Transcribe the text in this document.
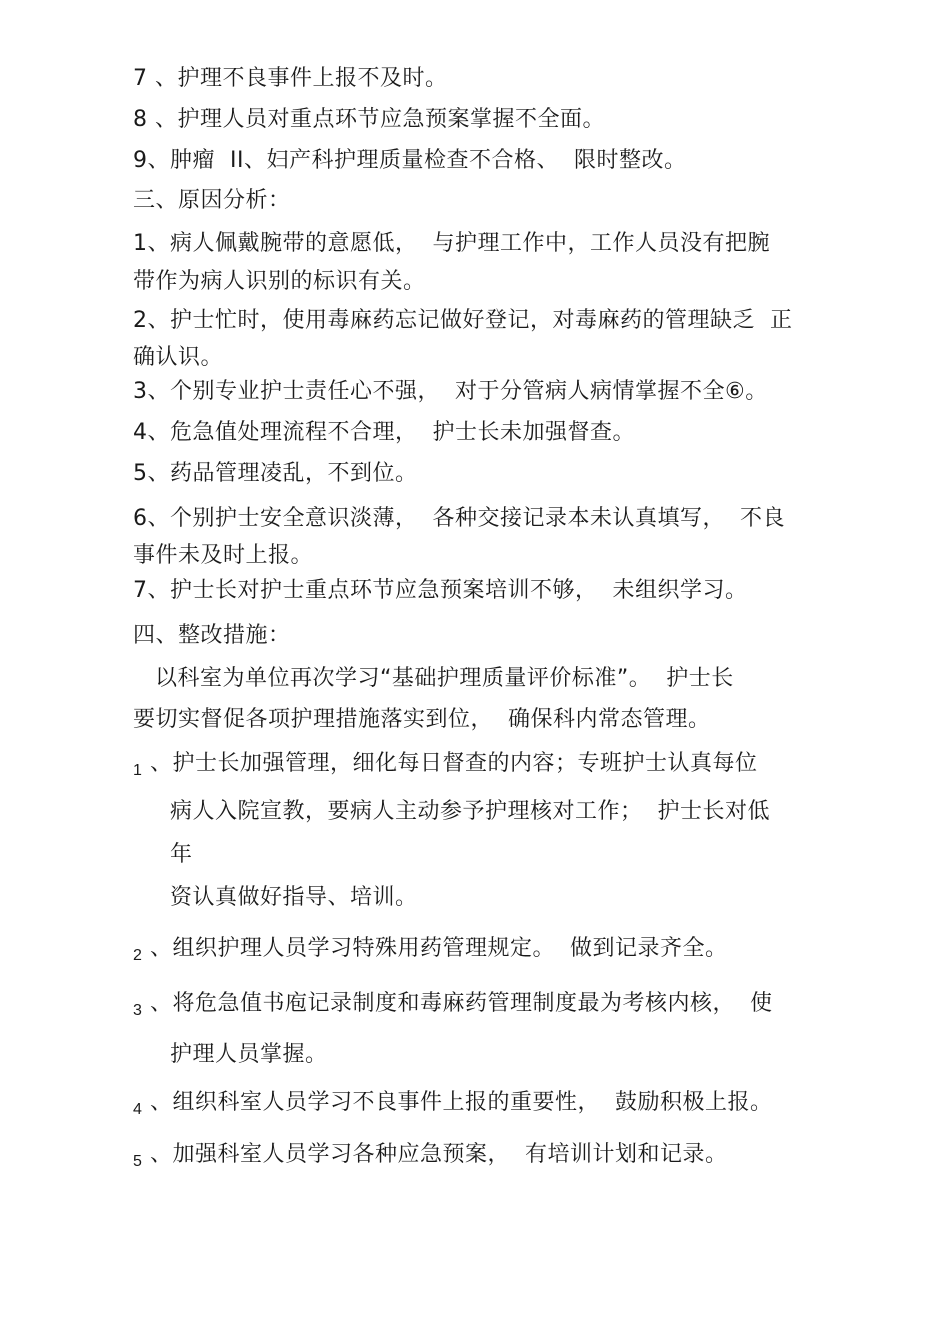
7 、护理不良事件上报不及时。
8 、护理人员对重点环节应急预案掌握不全面。
9、肿瘤  II、妇产科护理质量检查不合格、  限时整改。
三、原因分析：
1、病人佩戴腕带的意愿低，  与护理工作中，工作人员没有把腕
带作为病人识别的标识有关。
2、护士忙时，使用毒麻药忘记做好登记，对毒麻药的管理缺乏  正
确认识。
3、个别专业护士责任心不强，  对于分管病人病情掌握不全⑥。
4、危急值处理流程不合理，  护士长未加强督查。
5、药品管理凌乱，不到位。
6、个别护士安全意识淡薄，  各种交接记录本未认真填写，  不良
事件未及时上报。
7、护士长对护士重点环节应急预案培训不够，  未组织学习。
四、整改措施：
以科室为单位再次学习“基础护理质量评价标准”。  护士长
要切实督促各项护理措施落实到位，  确保科内常态管理。
1 、护士长加强管理，细化每日督查的内容；专班护士认真每位
病人入院宣教，要病人主动参予护理核对工作；  护士长对低
年
资认真做好指导、培训。
2 、组织护理人员学习特殊用药管理规定。  做到记录齐全。
3 、将危急值书庖记录制度和毒麻药管理制度最为考核内核，  使
护理人员掌握。
4 、组织科室人员学习不良事件上报的重要性，  鼓励积极上报。
5 、加强科室人员学习各种应急预案，  有培训计划和记录。
